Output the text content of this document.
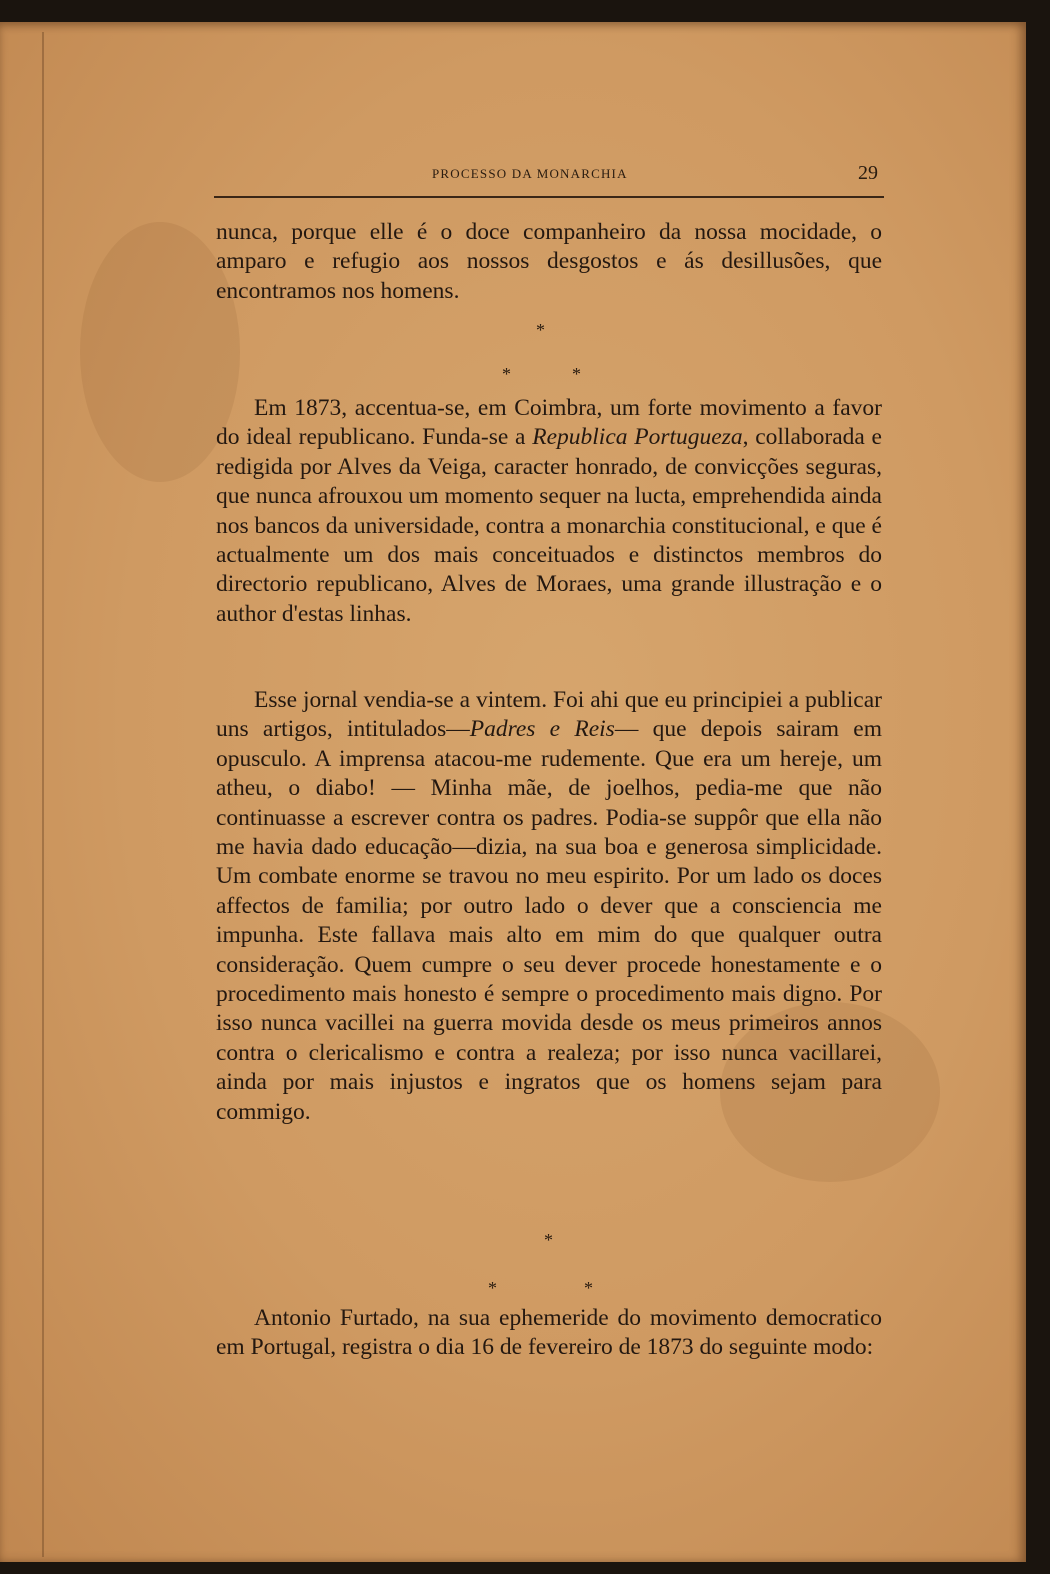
PROCESSO DA MONARCHIA	29

nunca, porque elle é o doce companheiro da nossa mocidade, o amparo e refugio aos nossos desgostos e ás desillusões, que encontramos nos homens.

*
*	*

Em 1873, accentua-se, em Coimbra, um forte movimento a favor do ideal republicano. Funda-se a Republica Portugueza, collaborada e redigida por Alves da Veiga, caracter honrado, de convicções seguras, que nunca afrouxou um momento sequer na lucta, emprehendida ainda nos bancos da universidade, contra a monarchia constitucional, e que é actualmente um dos mais conceituados e distinctos membros do directorio republicano, Alves de Moraes, uma grande illustração e o author d'estas linhas.

Esse jornal vendia-se a vintem. Foi ahi que eu principiei a publicar uns artigos, intitulados—Padres e Reis— que depois sairam em opusculo. A imprensa atacou-me rudemente. Que era um hereje, um atheu, o diabo! — Minha mãe, de joelhos, pedia-me que não continuasse a escrever contra os padres. Podia-se suppôr que ella não me havia dado educação—dizia, na sua boa e generosa simplicidade. Um combate enorme se travou no meu espirito. Por um lado os doces affectos de familia; por outro lado o dever que a consciencia me impunha. Este fallava mais alto em mim do que qualquer outra consideração. Quem cumpre o seu dever procede honestamente e o procedimento mais honesto é sempre o procedimento mais digno. Por isso nunca vacillei na guerra movida desde os meus primeiros annos contra o clericalismo e contra a realeza; por isso nunca vacillarei, ainda por mais injustos e ingratos que os homens sejam para commigo.

*
*	*

Antonio Furtado, na sua ephemeride do movimento democratico em Portugal, registra o dia 16 de fevereiro de 1873 do seguinte modo:
